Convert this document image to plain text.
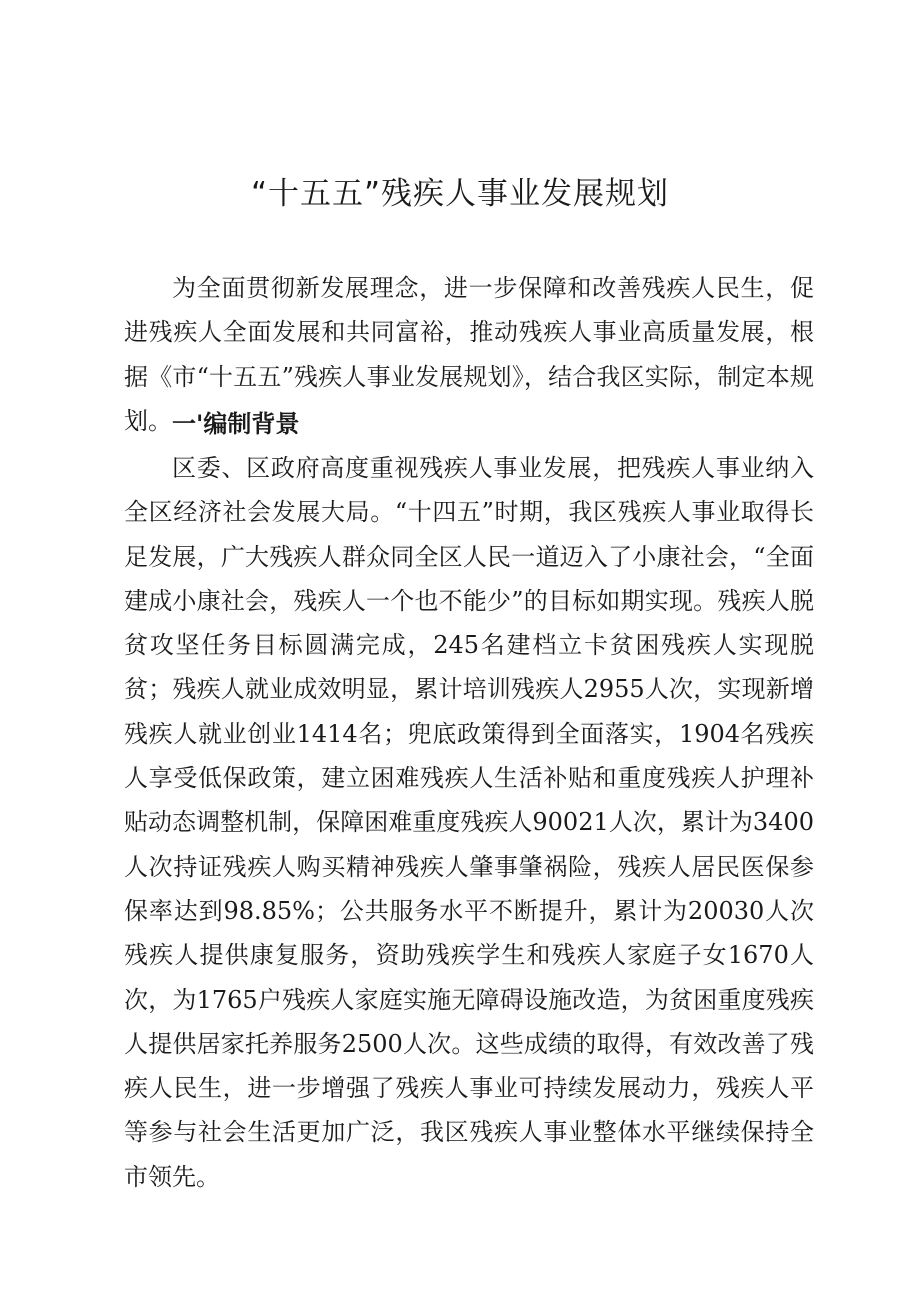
“十五五”残疾人事业发展规划

为全面贯彻新发展理念，进一步保障和改善残疾人民生，促进残疾人全面发展和共同富裕，推动残疾人事业高质量发展，根据《市“十五五”残疾人事业发展规划》，结合我区实际，制定本规划。 一'编制背景

区委、区政府高度重视残疾人事业发展，把残疾人事业纳入全区经济社会发展大局。“十四五”时期，我区残疾人事业取得长足发展，广大残疾人群众同全区人民一道迈入了小康社会，“全面建成小康社会，残疾人一个也不能少”的目标如期实现。残疾人脱贫攻坚任务目标圆满完成，245名建档立卡贫困残疾人实现脱贫；残疾人就业成效明显，累计培训残疾人2955人次，实现新增残疾人就业创业1414名；兜底政策得到全面落实，1904名残疾人享受低保政策，建立困难残疾人生活补贴和重度残疾人护理补贴动态调整机制，保障困难重度残疾人90021人次，累计为3400人次持证残疾人购买精神残疾人肇事肇祸险，残疾人居民医保参保率达到98.85%；公共服务水平不断提升，累计为20030人次残疾人提供康复服务，资助残疾学生和残疾人家庭子女1670人次，为1765户残疾人家庭实施无障碍设施改造，为贫困重度残疾人提供居家托养服务2500人次。这些成绩的取得，有效改善了残疾人民生，进一步增强了残疾人事业可持续发展动力，残疾人平等参与社会生活更加广泛，我区残疾人事业整体水平继续保持全市领先。
